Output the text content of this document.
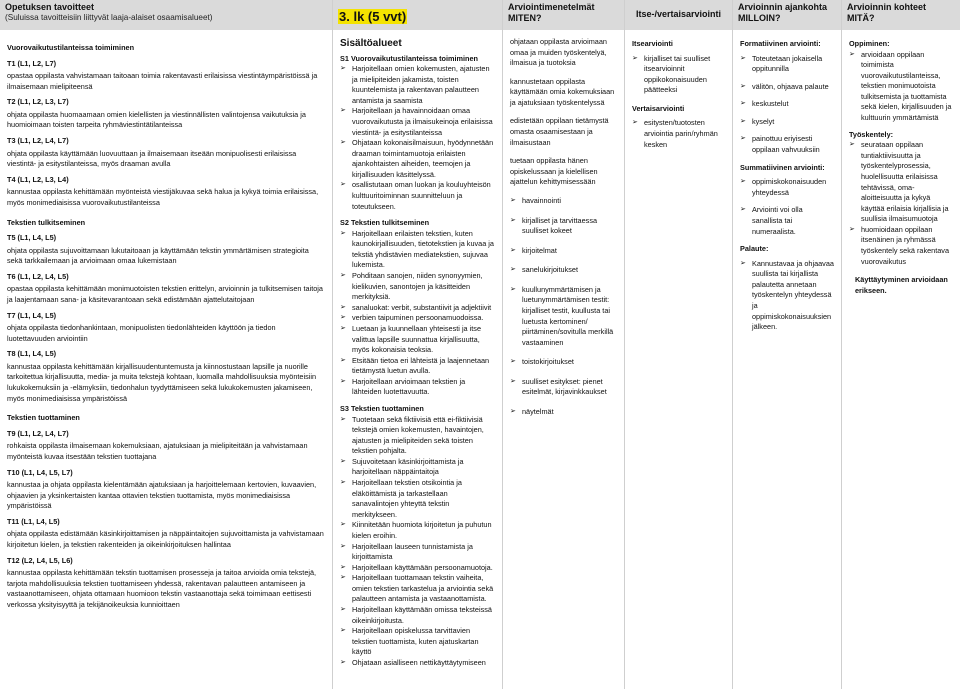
Opetuksen tavoitteet
(Suluissa tavoitteisiin liittyvät laaja-alaiset osaamisalueet)
Vuorovaikutustilanteissa toimiminen
T1 (L1, L2, L7)
opastaa oppilasta vahvistamaan taitoaan toimia rakentavasti erilaisissa viestintäympäristöissä ja ilmaisemaan mielipiteensä
T2 (L1, L2, L3, L7)
ohjata oppilasta huomaamaan omien kielellisten ja viestinnällisten valintojensa vaikutuksia ja huomioimaan toisten tarpeita ryhmäviestintätilanteissa
T3 (L1, L2, L4, L7)
ohjata oppilasta käyttämään luovuuttaan ja ilmaisemaan itseään monipuolisesti erilaisissa viestintä- ja esitystilanteissa, myös draaman avulla
T4 (L1, L2, L3, L4)
kannustaa oppilasta kehittämään myönteistä viestijäkuvaa sekä halua ja kykyä toimia erilaisissa, myös monimediaisissa vuorovaikutustilanteissa
Tekstien tulkitseminen
T5 (L1, L4, L5)
ohjata oppilasta sujuvoittamaan lukutaitoaan ja käyttämään tekstin ymmärtämisen strategioita sekä tarkkailemaan ja arvioimaan omaa lukemistaan
T6 (L1, L2, L4, L5)
opastaa oppilasta kehittämään monimuotoisten tekstien erittelyn, arvioinnin ja tulkitsemisen taitoja ja laajentamaan sana- ja käsitevarantoaan sekä edistämään ajattelutaitojaan
T7 (L1, L4, L5)
ohjata oppilasta tiedonhankintaan, monipuolisten tiedonlähteiden käyttöön ja tiedon luotettavuuden arviointiin
T8 (L1, L4, L5)
kannustaa oppilasta kehittämään kirjallisuudentuntemusta ja kiinnostustaan lapsille ja nuorille tarkoitettua kirjallisuutta, media- ja muita tekstejä kohtaan, luomalla mahdollisuuksia myönteisiin lukukokemuksiin ja -elämyksiin, tiedonhalun tyydyttämiseen sekä lukukokemusten jakamiseen, myös monimediaisissa ympäristöissä
Tekstien tuottaminen
T9 (L1, L2, L4, L7)
rohkaista oppilasta ilmaisemaan kokemuksiaan, ajatuksiaan ja mielipiteitään ja vahvistamaan myönteistä kuvaa itsestään tekstien tuottajana
T10 (L1, L4, L5, L7)
kannustaa ja ohjata oppilasta kielentämään ajatuksiaan ja harjoittelemaan kertovien, kuvaavien, ohjaavien ja yksinkertaisten kantaa ottavien tekstien tuottamista, myös monimediaisissa ympäristöissä
T11 (L1, L4, L5)
ohjata oppilasta edistämään käsinkirjoittamisen ja näppäintaitojen sujuvoittamista ja vahvistamaan kirjoitetun kielen, ja tekstien rakenteiden ja oikeinkirjoituksen hallintaa
T12 (L2, L4, L5, L6)
kannustaa oppilasta kehittämään tekstin tuottamisen prosesseja ja taitoa arvioida omia tekstejä, tarjota mahdollisuuksia tekstien tuottamiseen yhdessä, rakentavan palautteen antamiseen ja vastaanottamiseen, ohjata ottamaan huomioon tekstin vastaanottaja sekä toimimaan eettisesti verkossa yksityisyyttä ja tekijänoikeuksia kunnioittaen
3. lk (5 vvt)
Sisältöalueet
S1 Vuorovaikutustilanteissa toimiminen
➢ Harjoitellaan omien kokemusten, ajatusten ja mielipiteiden jakamista, toisten kuuntelemista ja rakentavan palautteen antamista ja saamista
➢ Harjoitellaan ja havainnoidaan omaa vuorovaikutusta ja ilmaisukeinoja erilaisissa viestintä- ja esitystilanteissa
➢ Ohjataan kokonaisilmaisuun, hyödynnetään draaman toimintamuotoja erilaisten ajankohtaisten aiheiden, teemojen ja kirjallisuuden käsittelyssä.
➢ osallistutaan oman luokan ja kouluyhteisön kulttuuritoiminnan suunnitteluun ja toteutukseen.
S2 Tekstien tulkitseminen
➢ Harjoitellaan erilaisten tekstien, kuten kaunokirjallisuuden, tietotekstien ja kuvaa ja tekstiä yhdistävien mediatekstien, sujuvaa lukemista.
➢ Pohditaan sanojen, niiden synonyymien, kielikuvien, sanontojen ja käsitteiden merkityksiä.
➢ sanaluokat: verbit, substantiivit ja adjektiivit
➢ verbien taipuminen persoonamuodoissa.
➢ Luetaan ja kuunnellaan yhteisesti ja itse valittua lapsille suunnattua kirjallisuutta, myös kokonaisia teoksia.
➢ Etsitään tietoa eri lähteistä ja laajennetaan tietämystä luetun avulla.
➢ Harjoitellaan arvioimaan tekstien ja lähteiden luotettavuutta.
S3 Tekstien tuottaminen
➢ Tuotetaan sekä fiktiivisiä että ei-fiktiivisiä tekstejä omien kokemusten, havaintojen, ajatusten ja mielipiteiden sekä toisten tekstien pohjalta.
➢ Sujuvoitetaan käsinkirjoittamista ja harjoitellaan näppäintaitoja
➢ Harjoitellaan tekstien otsikointia ja eläköittämistä ja tarkastellaan sanavalintojen yhteyttä tekstin merkitykseen.
➢ Kiinnitetään huomiota kirjoitetun ja puhutun kielen eroihin.
➢ Harjoitellaan lauseen tunnistamista ja kirjoittamista
➢ Harjoitellaan käyttämään persoonamuotoja.
➢ Harjoitellaan tuottamaan tekstin vaiheita, omien tekstien tarkastelua ja arviointia sekä palautteen antamista ja vastaanottamista.
➢ Harjoitellaan käyttämään omissa teksteissä oikeinkirjoitusta.
➢ Harjoitellaan opiskelussa tarvittavien tekstien tuottamista, kuten ajatuskartan käyttö
➢ Ohjataan asialliseen nettikäyttäytymiseen
Arviointimenetelmät MITEN?

ohjataan oppilasta arvioimaan omaa ja muiden työskentelyä, ilmaisua ja tuotoksia

kannustetaan oppilasta käyttämään omia kokemuksiaan ja ajatuksiaan työskentelyssä

edistetään oppilaan tietämystä omasta osaamisestaan ja ilmaisustaan

tuetaan oppilasta hänen opiskelussaan ja kielellisen ajattelun kehittymisessään

➢ havainnointi
➢ kirjalliset ja tarvittaessa suulliset kokeet
➢ kirjoitelmat
➢ sanelukirjoitukset
➢ kuullunymmärtämisen ja luetunymmärtämisen testit: kirjalliset testit, kuullusta tai luetusta kertominen/ piirtäminen/sovitulla merkillä vastaaminen
➢ toistokirjoitukset
➢ suulliset esitykset: pienet esitelmät, kirjavinkkaukset
➢ näytelmät
Itse-/vertaisarviointi
Itsearviointi
➢ kirjalliset tai suulliset itsearvioinnit oppikokonaisuuden päätteeksi
Vertaisarviointi
➢ esitysten/tuotosten arviointia parin/ryhmän kesken
Arvioinnin ajankohta MILLOIN?
Formatiivinen arviointi:
➢ Toteutetaan jokaisella oppitunnilla
➢ välitön, ohjaava palaute
➢ keskustelut
➢ kyselyt
➢ painottuu eriyisesti oppilaan vahvuuksiin
Summatiivinen arviointi:
➢ oppimiskokonaisuuden yhteydessä
➢ Arviointi voi olla sanallista tai numeraalista.
Palaute:
➢ Kannustavaa ja ohjaavaa suullista tai kirjallista palautetta annetaan työskentelyn yhteydessä ja oppimiskokonaisuuksien jälkeen.
Arvioinnin kohteet MITÄ?
Oppiminen:
➢ arvioidaan oppilaan toimimista vuorovaikutustilanteissa, tekstien monimuotoista tulkitsemista ja tuottamista sekä kielen, kirjallisuuden ja kulttuurin ymmärtämistä
Työskentely:
➢ seurataan oppilaan tuntiaktiivisuutta ja työskentelyprosessia, huolellisuutta erilaisissa tehtävissä, oma-aloitteisuutta ja kykyä käyttää erilaisia kirjallisia ja suullisia ilmaisumuotoja
➢ huomioidaan oppilaan itsenäinen ja ryhmässä työskentely sekä rakentava vuorovaikutus
Käyttäytyminen arvioidaan erikseen.
